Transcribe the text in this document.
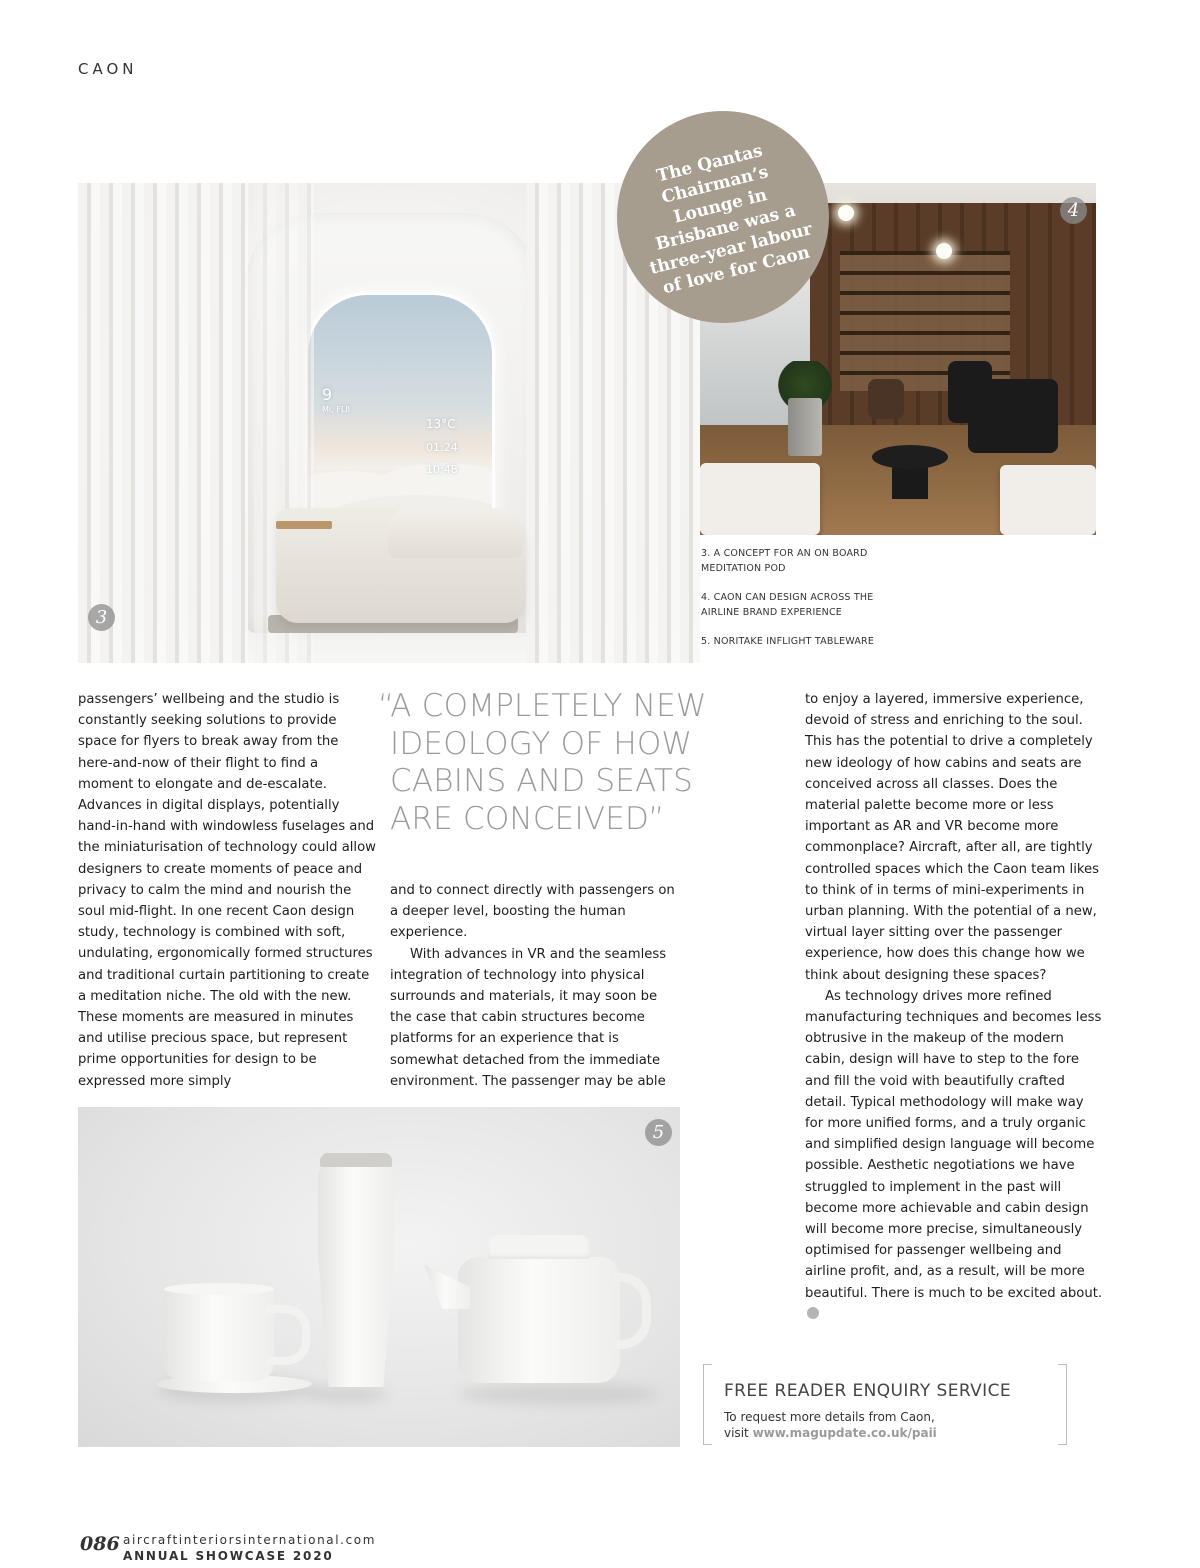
CAON
9
Mi, FLII
13°C
01:24
10:48
3
4

The Qantas Chairman’s Lounge in Brisbane was a three-year labour of love for Caon

3. A CONCEPT FOR AN ON BOARD MEDITATION POD

4. CAON CAN DESIGN ACROSS THE AIRLINE BRAND EXPERIENCE

5. NORITAKE INFLIGHT TABLEWARE

“A COMPLETELY NEW
IDEOLOGY OF HOW
CABINS AND SEATS
ARE CONCEIVED”

passengers’ wellbeing and the studio is constantly seeking solutions to provide space for flyers to break away from the here-and-now of their flight to find a moment to elongate and de-escalate. Advances in digital displays, potentially hand-in-hand with windowless fuselages and the miniaturisation of technology could allow designers to create moments of peace and privacy to calm the mind and nourish the soul mid-flight. In one recent Caon design study, technology is combined with soft, undulating, ergonomically formed structures and traditional curtain partitioning to create a meditation niche. The old with the new. These moments are measured in minutes and utilise precious space, but represent prime opportunities for design to be expressed more simply

and to connect directly with passengers on a deeper level, boosting the human experience.

With advances in VR and the seamless integration of technology into physical surrounds and materials, it may soon be the case that cabin structures become platforms for an experience that is somewhat detached from the immediate environment. The passenger may be able

to enjoy a layered, immersive experience, devoid of stress and enriching to the soul. This has the potential to drive a completely new ideology of how cabins and seats are conceived across all classes. Does the material palette become more or less important as AR and VR become more commonplace? Aircraft, after all, are tightly controlled spaces which the Caon team likes to think of in terms of mini-experiments in urban planning. With the potential of a new, virtual layer sitting over the passenger experience, how does this change how we think about designing these spaces?

As technology drives more refined manufacturing techniques and becomes less obtrusive in the makeup of the modern cabin, design will have to step to the fore and fill the void with beautifully crafted detail. Typical methodology will make way for more unified forms, and a truly organic and simplified design language will become possible. Aesthetic negotiations we have struggled to implement in the past will become more achievable and cabin design will become more precise, simultaneously optimised for passenger wellbeing and airline profit, and, as a result, will be more beautiful. There is much to be excited about.

5
FREE READER ENQUIRY SERVICE
To request more details from Caon,
visit www.magupdate.co.uk/paii
086 aircraftinteriorsinternational.com
ANNUAL SHOWCASE 2020
